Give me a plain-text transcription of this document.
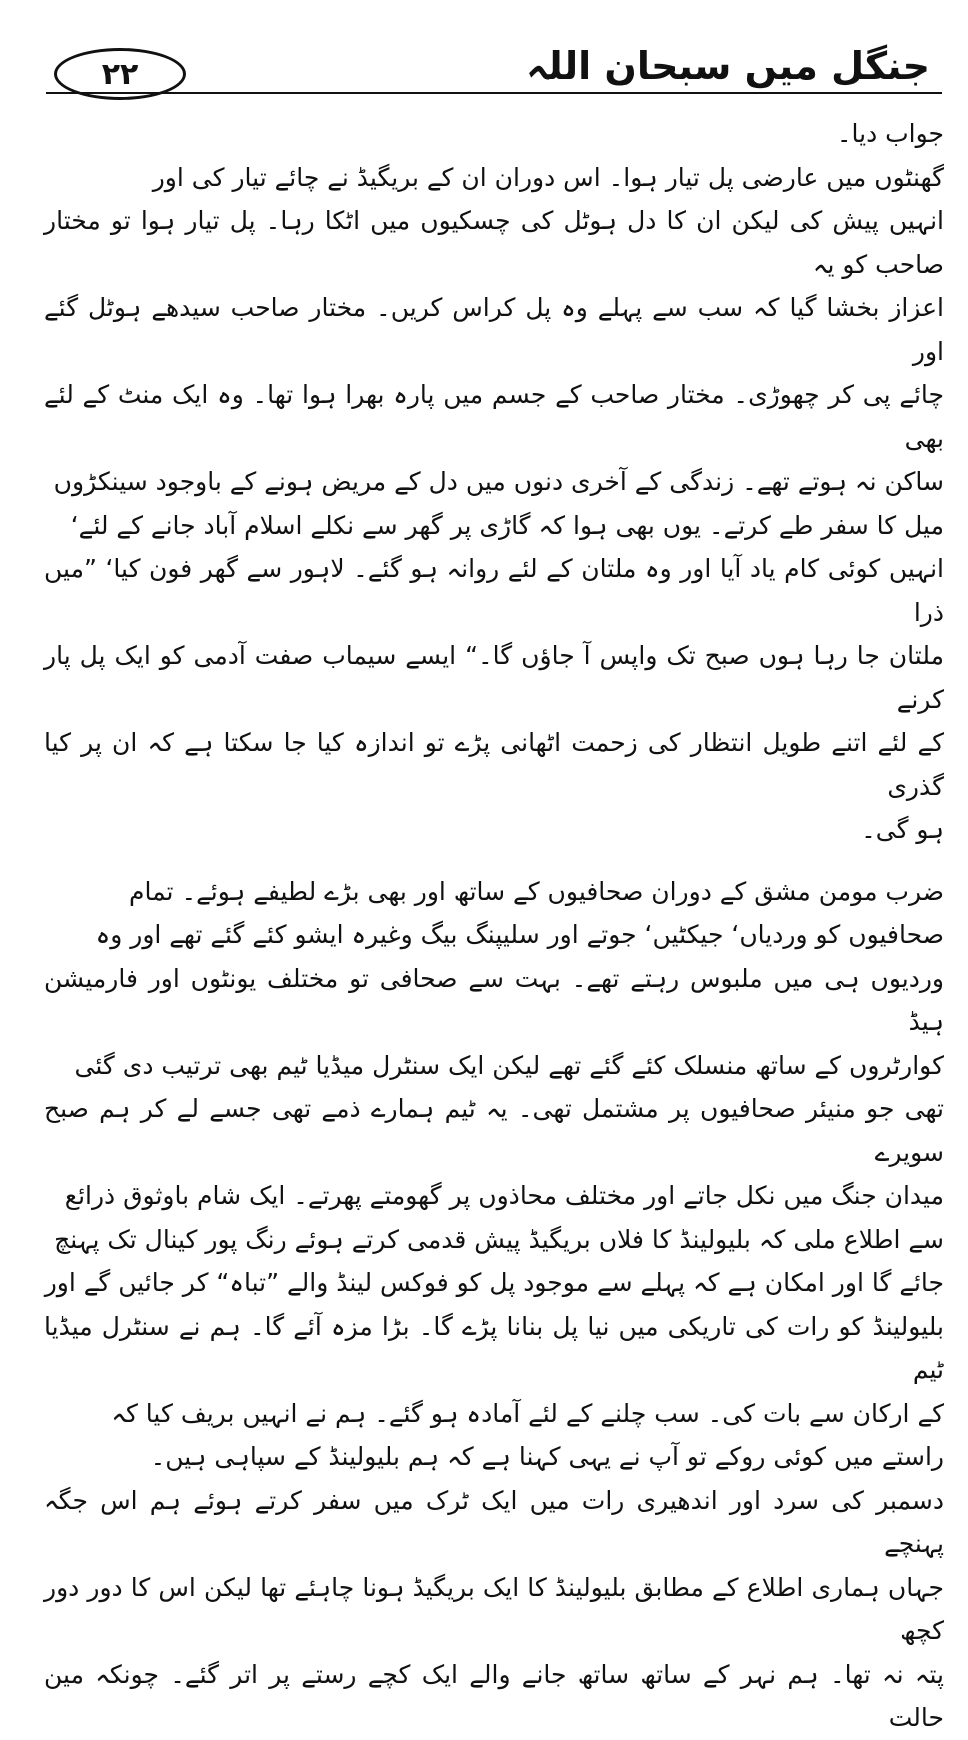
۲۲	جنگل میں سبحان اللہ

جواب دیا۔

گھنٹوں میں عارضی پل تیار ہوا۔ اس دوران ان کے بریگیڈ نے چائے تیار کی اور
انہیں پیش کی لیکن ان کا دل ہوٹل کی چسکیوں میں اٹکا رہا۔ پل تیار ہوا تو مختار صاحب کو یہ
اعزاز بخشا گیا کہ سب سے پہلے وہ پل کراس کریں۔ مختار صاحب سیدھے ہوٹل گئے اور
چائے پی کر چھوڑی۔ مختار صاحب کے جسم میں پارہ بھرا ہوا تھا۔ وہ ایک منٹ کے لئے بھی
ساکن نہ ہوتے تھے۔ زندگی کے آخری دنوں میں دل کے مریض ہونے کے باوجود سینکڑوں
میل کا سفر طے کرتے۔ یوں بھی ہوا کہ گاڑی پر گھر سے نکلے اسلام آباد جانے کے لئے‘
انہیں کوئی کام یاد آیا اور وہ ملتان کے لئے روانہ ہو گئے۔ لاہور سے گھر فون کیا‘ ”میں ذرا
ملتان جا رہا ہوں صبح تک واپس آ جاؤں گا۔“ ایسے سیماب صفت آدمی کو ایک پل پار کرنے
کے لئے اتنے طویل انتظار کی زحمت اٹھانی پڑے تو اندازہ کیا جا سکتا ہے کہ ان پر کیا گذری
ہو گی۔

ضرب مومن مشق کے دوران صحافیوں کے ساتھ اور بھی بڑے لطیفے ہوئے۔ تمام
صحافیوں کو وردیاں‘ جیکٹیں‘ جوتے اور سلیپنگ بیگ وغیرہ ایشو کئے گئے تھے اور وہ
وردیوں ہی میں ملبوس رہتے تھے۔ بہت سے صحافی تو مختلف یونٹوں اور فارمیشن ہیڈ
کوارٹروں کے ساتھ منسلک کئے گئے تھے لیکن ایک سنٹرل میڈیا ٹیم بھی ترتیب دی گئی
تھی جو منیئر صحافیوں پر مشتمل تھی۔ یہ ٹیم ہمارے ذمے تھی جسے لے کر ہم صبح سویرے
میدان جنگ میں نکل جاتے اور مختلف محاذوں پر گھومتے پھرتے۔ ایک شام باوثوق ذرائع
سے اطلاع ملی کہ بلیولینڈ کا فلاں بریگیڈ پیش قدمی کرتے ہوئے رنگ پور کینال تک پہنچ
جائے گا اور امکان ہے کہ پہلے سے موجود پل کو فوکس لینڈ والے ”تباہ“ کر جائیں گے اور
بلیولینڈ کو رات کی تاریکی میں نیا پل بنانا پڑے گا۔ بڑا مزہ آئے گا۔ ہم نے سنٹرل میڈیا ٹیم
کے ارکان سے بات کی۔ سب چلنے کے لئے آمادہ ہو گئے۔ ہم نے انہیں بریف کیا کہ
راستے میں کوئی روکے تو آپ نے یہی کہنا ہے کہ ہم بلیولینڈ کے سپاہی ہیں۔

دسمبر کی سرد اور اندھیری رات میں ایک ٹرک میں سفر کرتے ہوئے ہم اس جگہ پہنچے
جہاں ہماری اطلاع کے مطابق بلیولینڈ کا ایک بریگیڈ ہونا چاہئے تھا لیکن اس کا دور دور کچھ
پتہ نہ تھا۔ ہم نہر کے ساتھ ساتھ جانے والے ایک کچے رستے پر اتر گئے۔ چونکہ مین حالت
